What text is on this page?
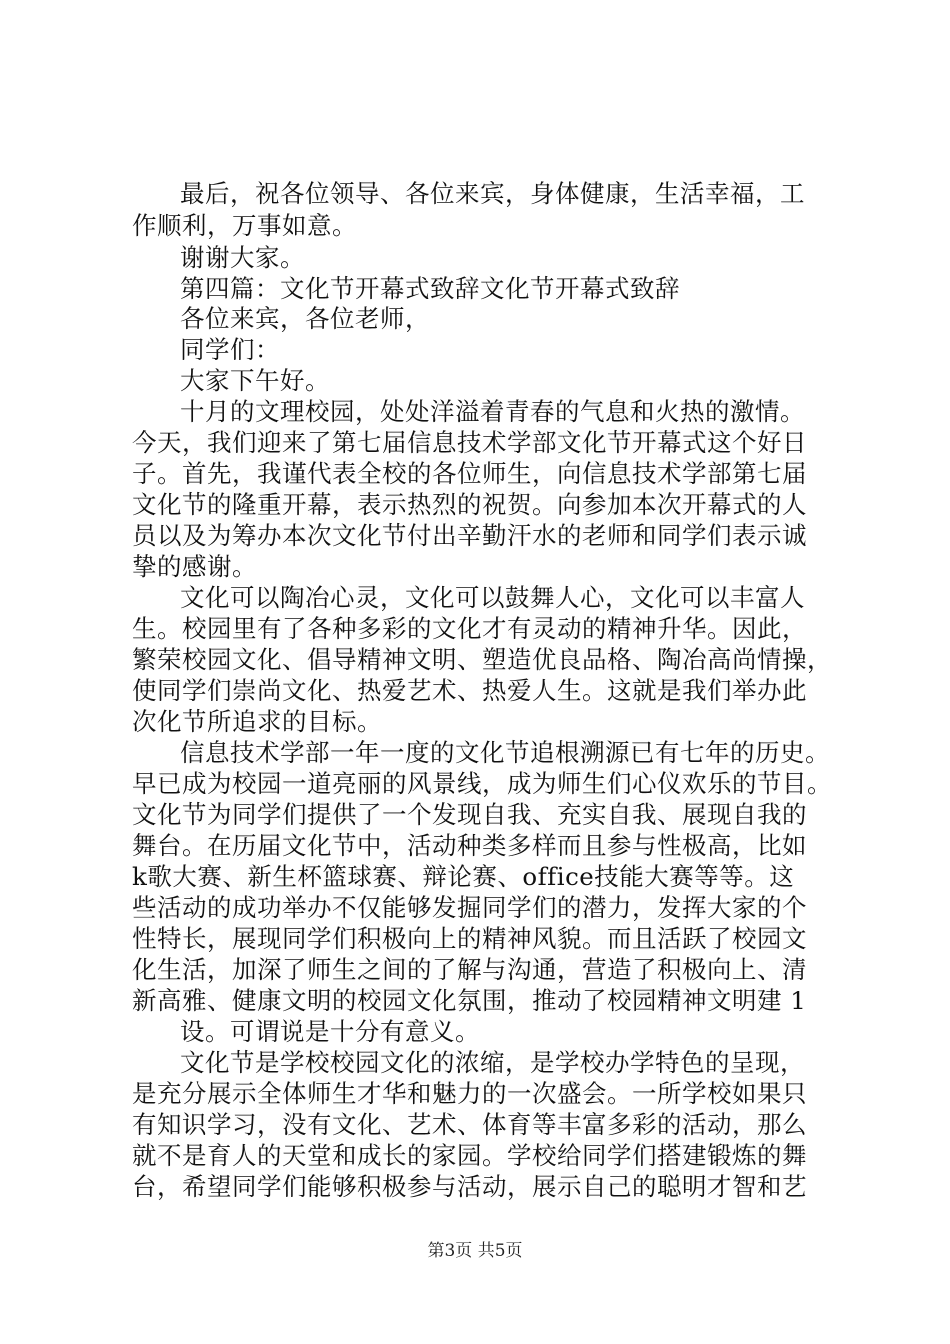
最后，祝各位领导、各位来宾，身体健康，生活幸福，工
作顺利，万事如意。
谢谢大家。
第四篇：文化节开幕式致辞文化节开幕式致辞
各位来宾，各位老师，
同学们：
大家下午好。
十月的文理校园，处处洋溢着青春的气息和火热的激情。
今天，我们迎来了第七届信息技术学部文化节开幕式这个好日
子。首先，我谨代表全校的各位师生，向信息技术学部第七届
文化节的隆重开幕，表示热烈的祝贺。向参加本次开幕式的人
员以及为筹办本次文化节付出辛勤汗水的老师和同学们表示诚
挚的感谢。
文化可以陶冶心灵，文化可以鼓舞人心，文化可以丰富人
生。校园里有了各种多彩的文化才有灵动的精神升华。因此，
繁荣校园文化、倡导精神文明、塑造优良品格、陶冶高尚情操，
使同学们崇尚文化、热爱艺术、热爱人生。这就是我们举办此
次化节所追求的目标。
信息技术学部一年一度的文化节追根溯源已有七年的历史。
早已成为校园一道亮丽的风景线，成为师生们心仪欢乐的节目。
文化节为同学们提供了一个发现自我、充实自我、展现自我的
舞台。在历届文化节中，活动种类多样而且参与性极高，比如
k歌大赛、新生杯篮球赛、辩论赛、office技能大赛等等。这
些活动的成功举办不仅能够发掘同学们的潜力，发挥大家的个
性特长，展现同学们积极向上的精神风貌。而且活跃了校园文
化生活，加深了师生之间的了解与沟通，营造了积极向上、清
新高雅、健康文明的校园文化氛围，推动了校园精神文明建 1
设。可谓说是十分有意义。
文化节是学校校园文化的浓缩，是学校办学特色的呈现，
是充分展示全体师生才华和魅力的一次盛会。一所学校如果只
有知识学习，没有文化、艺术、体育等丰富多彩的活动，那么
就不是育人的天堂和成长的家园。学校给同学们搭建锻炼的舞
台，希望同学们能够积极参与活动，展示自己的聪明才智和艺
第3页 共5页
